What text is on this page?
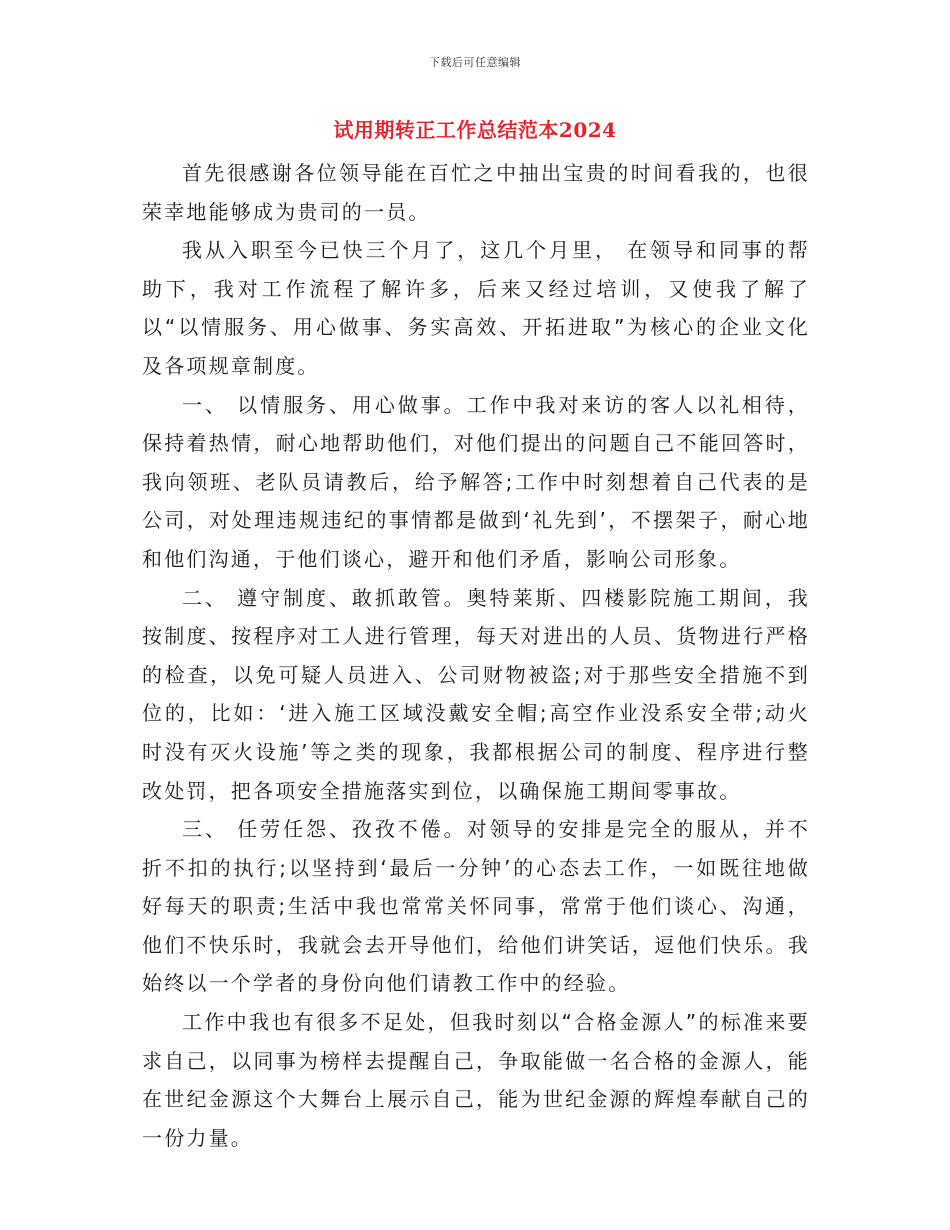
下载后可任意编辑
试用期转正工作总结范本2024

首先很感谢各位领导能在百忙之中抽出宝贵的时间看我的，也很荣幸地能够成为贵司的一员。

我从入职至今已快三个月了，这几个月里， 在领导和同事的帮助下，我对工作流程了解许多，后来又经过培训，又使我了解了以“以情服务、用心做事、务实高效、开拓进取”为核心的企业文化及各项规章制度。

一、 以情服务、用心做事。工作中我对来访的客人以礼相待，保持着热情，耐心地帮助他们，对他们提出的问题自己不能回答时，我向领班、老队员请教后，给予解答;工作中时刻想着自己代表的是公司，对处理违规违纪的事情都是做到‘礼先到’，不摆架子，耐心地和他们沟通，于他们谈心，避开和他们矛盾，影响公司形象。

二、 遵守制度、敢抓敢管。奥特莱斯、四楼影院施工期间，我按制度、按程序对工人进行管理，每天对进出的人员、货物进行严格的检查，以免可疑人员进入、公司财物被盗;对于那些安全措施不到位的，比如：‘进入施工区域没戴安全帽;高空作业没系安全带;动火时没有灭火设施’等之类的现象，我都根据公司的制度、程序进行整改处罚，把各项安全措施落实到位，以确保施工期间零事故。

三、 任劳任怨、孜孜不倦。对领导的安排是完全的服从，并不折不扣的执行;以坚持到‘最后一分钟’的心态去工作，一如既往地做好每天的职责;生活中我也常常关怀同事，常常于他们谈心、沟通，他们不快乐时，我就会去开导他们，给他们讲笑话，逗他们快乐。我始终以一个学者的身份向他们请教工作中的经验。

工作中我也有很多不足处，但我时刻以“合格金源人”的标准来要求自己，以同事为榜样去提醒自己，争取能做一名合格的金源人，能在世纪金源这个大舞台上展示自己，能为世纪金源的辉煌奉献自己的一份力量。
